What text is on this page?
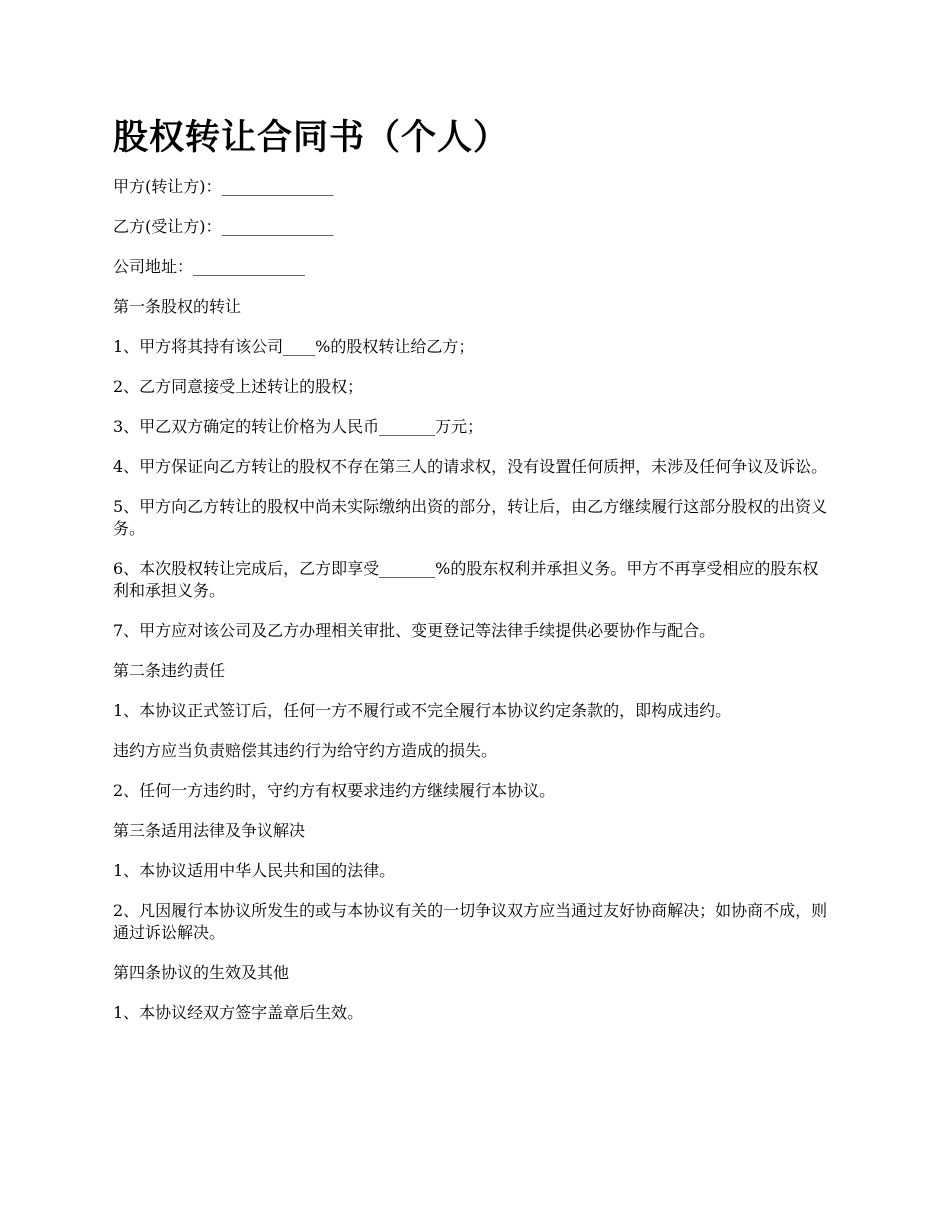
股权转让合同书（个人）

甲方(转让方)：______________

乙方(受让方)：______________

公司地址：______________

第一条股权的转让

1、甲方将其持有该公司____%的股权转让给乙方；

2、乙方同意接受上述转让的股权；

3、甲乙双方确定的转让价格为人民币_______万元；

4、甲方保证向乙方转让的股权不存在第三人的请求权，没有设置任何质押，未涉及任何争议及诉讼。

5、甲方向乙方转让的股权中尚未实际缴纳出资的部分，转让后，由乙方继续履行这部分股权的出资义务。

6、本次股权转让完成后，乙方即享受_______%的股东权利并承担义务。甲方不再享受相应的股东权利和承担义务。

7、甲方应对该公司及乙方办理相关审批、变更登记等法律手续提供必要协作与配合。

第二条违约责任

1、本协议正式签订后，任何一方不履行或不完全履行本协议约定条款的，即构成违约。

违约方应当负责赔偿其违约行为给守约方造成的损失。

2、任何一方违约时，守约方有权要求违约方继续履行本协议。

第三条适用法律及争议解决

1、本协议适用中华人民共和国的法律。

2、凡因履行本协议所发生的或与本协议有关的一切争议双方应当通过友好协商解决；如协商不成，则通过诉讼解决。

第四条协议的生效及其他

1、本协议经双方签字盖章后生效。
